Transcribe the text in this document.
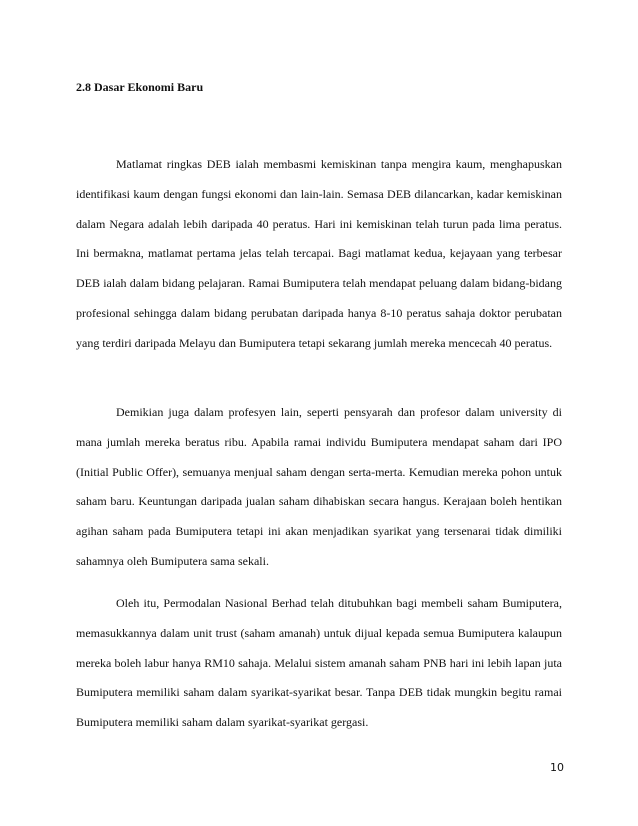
2.8 Dasar Ekonomi Baru

Matlamat ringkas DEB ialah membasmi kemiskinan tanpa mengira kaum, menghapuskan identifikasi kaum dengan fungsi ekonomi dan lain-lain. Semasa DEB dilancarkan, kadar kemiskinan dalam Negara adalah lebih daripada 40 peratus. Hari ini kemiskinan telah turun pada lima peratus. Ini bermakna, matlamat pertama jelas telah tercapai. Bagi matlamat kedua, kejayaan yang terbesar DEB ialah dalam bidang pelajaran. Ramai Bumiputera telah mendapat peluang dalam bidang-bidang profesional sehingga dalam bidang perubatan daripada hanya 8-10 peratus sahaja doktor perubatan yang terdiri daripada Melayu dan Bumiputera tetapi sekarang jumlah mereka mencecah 40 peratus.

Demikian juga dalam profesyen lain, seperti pensyarah dan profesor dalam university di mana jumlah mereka beratus ribu. Apabila ramai individu Bumiputera mendapat saham dari IPO (Initial Public Offer), semuanya menjual saham dengan serta-merta. Kemudian mereka pohon untuk saham baru. Keuntungan daripada jualan saham dihabiskan secara hangus. Kerajaan boleh hentikan agihan saham pada Bumiputera tetapi ini akan menjadikan syarikat yang tersenarai tidak dimiliki sahamnya oleh Bumiputera sama sekali.

Oleh itu, Permodalan Nasional Berhad telah ditubuhkan bagi membeli saham Bumiputera, memasukkannya dalam unit trust (saham amanah) untuk dijual kepada semua Bumiputera kalaupun mereka boleh labur hanya RM10 sahaja. Melalui sistem amanah saham PNB hari ini lebih lapan juta Bumiputera memiliki saham dalam syarikat-syarikat besar. Tanpa DEB tidak mungkin begitu ramai Bumiputera memiliki saham dalam syarikat-syarikat gergasi.

10
